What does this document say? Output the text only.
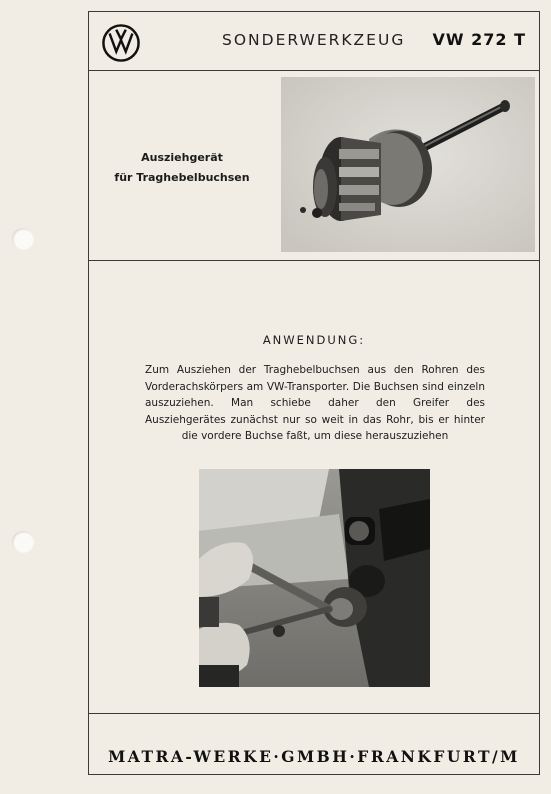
SONDERWERKZEUG VW 272 T
Ausziehgerät
für Traghebelbuchsen
ANWENDUNG:
Zum Ausziehen der Traghebelbuchsen aus den Rohren des Vorderachskörpers am VW-Transporter. Die Buchsen sind einzeln auszuziehen. Man schiebe daher den Greifer des Ausziehgerätes zunächst nur so weit in das Rohr, bis er hinter die vordere Buchse faßt, um diese herauszuziehen
MATRA-WERKE·GMBH·FRANKFURT/M
